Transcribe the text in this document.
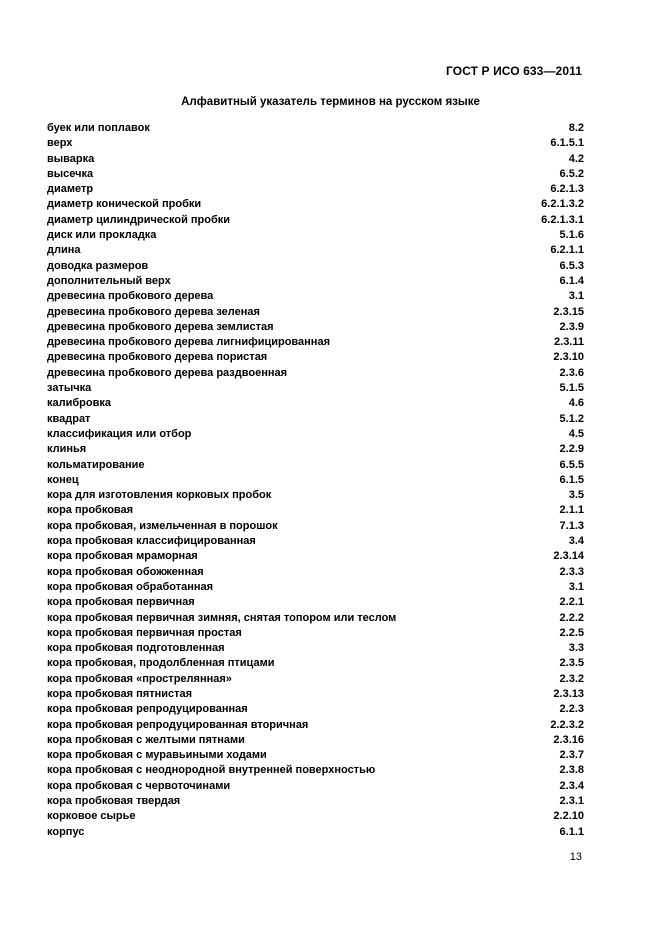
ГОСТ Р ИСО 633—2011
Алфавитный указатель терминов на русском языке
буек или поплавок	8.2
верх	6.1.5.1
выварка	4.2
высечка	6.5.2
диаметр	6.2.1.3
диаметр конической пробки	6.2.1.3.2
диаметр цилиндрической пробки	6.2.1.3.1
диск или прокладка	5.1.6
длина	6.2.1.1
доводка размеров	6.5.3
дополнительный верх	6.1.4
древесина пробкового дерева	3.1
древесина пробкового дерева зеленая	2.3.15
древесина пробкового дерева землистая	2.3.9
древесина пробкового дерева лигнифицированная	2.3.11
древесина пробкового дерева пористая	2.3.10
древесина пробкового дерева раздвоенная	2.3.6
затычка	5.1.5
калибровка	4.6
квадрат	5.1.2
классификация или отбор	4.5
клинья	2.2.9
кольматирование	6.5.5
конец	6.1.5
кора для изготовления корковых пробок	3.5
кора пробковая	2.1.1
кора пробковая, измельченная в порошок	7.1.3
кора пробковая классифицированная	3.4
кора пробковая мраморная	2.3.14
кора пробковая обожженная	2.3.3
кора пробковая обработанная	3.1
кора пробковая первичная	2.2.1
кора пробковая первичная зимняя, снятая топором или теслом	2.2.2
кора пробковая первичная простая	2.2.5
кора пробковая подготовленная	3.3
кора пробковая, продолбленная птицами	2.3.5
кора пробковая «прострелянная»	2.3.2
кора пробковая пятнистая	2.3.13
кора пробковая репродуцированная	2.2.3
кора пробковая репродуцированная вторичная	2.2.3.2
кора пробковая с желтыми пятнами	2.3.16
кора пробковая с муравьиными ходами	2.3.7
кора пробковая с неоднородной внутренней поверхностью	2.3.8
кора пробковая с червоточинами	2.3.4
кора пробковая твердая	2.3.1
корковое сырье	2.2.10
корпус	6.1.1
13
